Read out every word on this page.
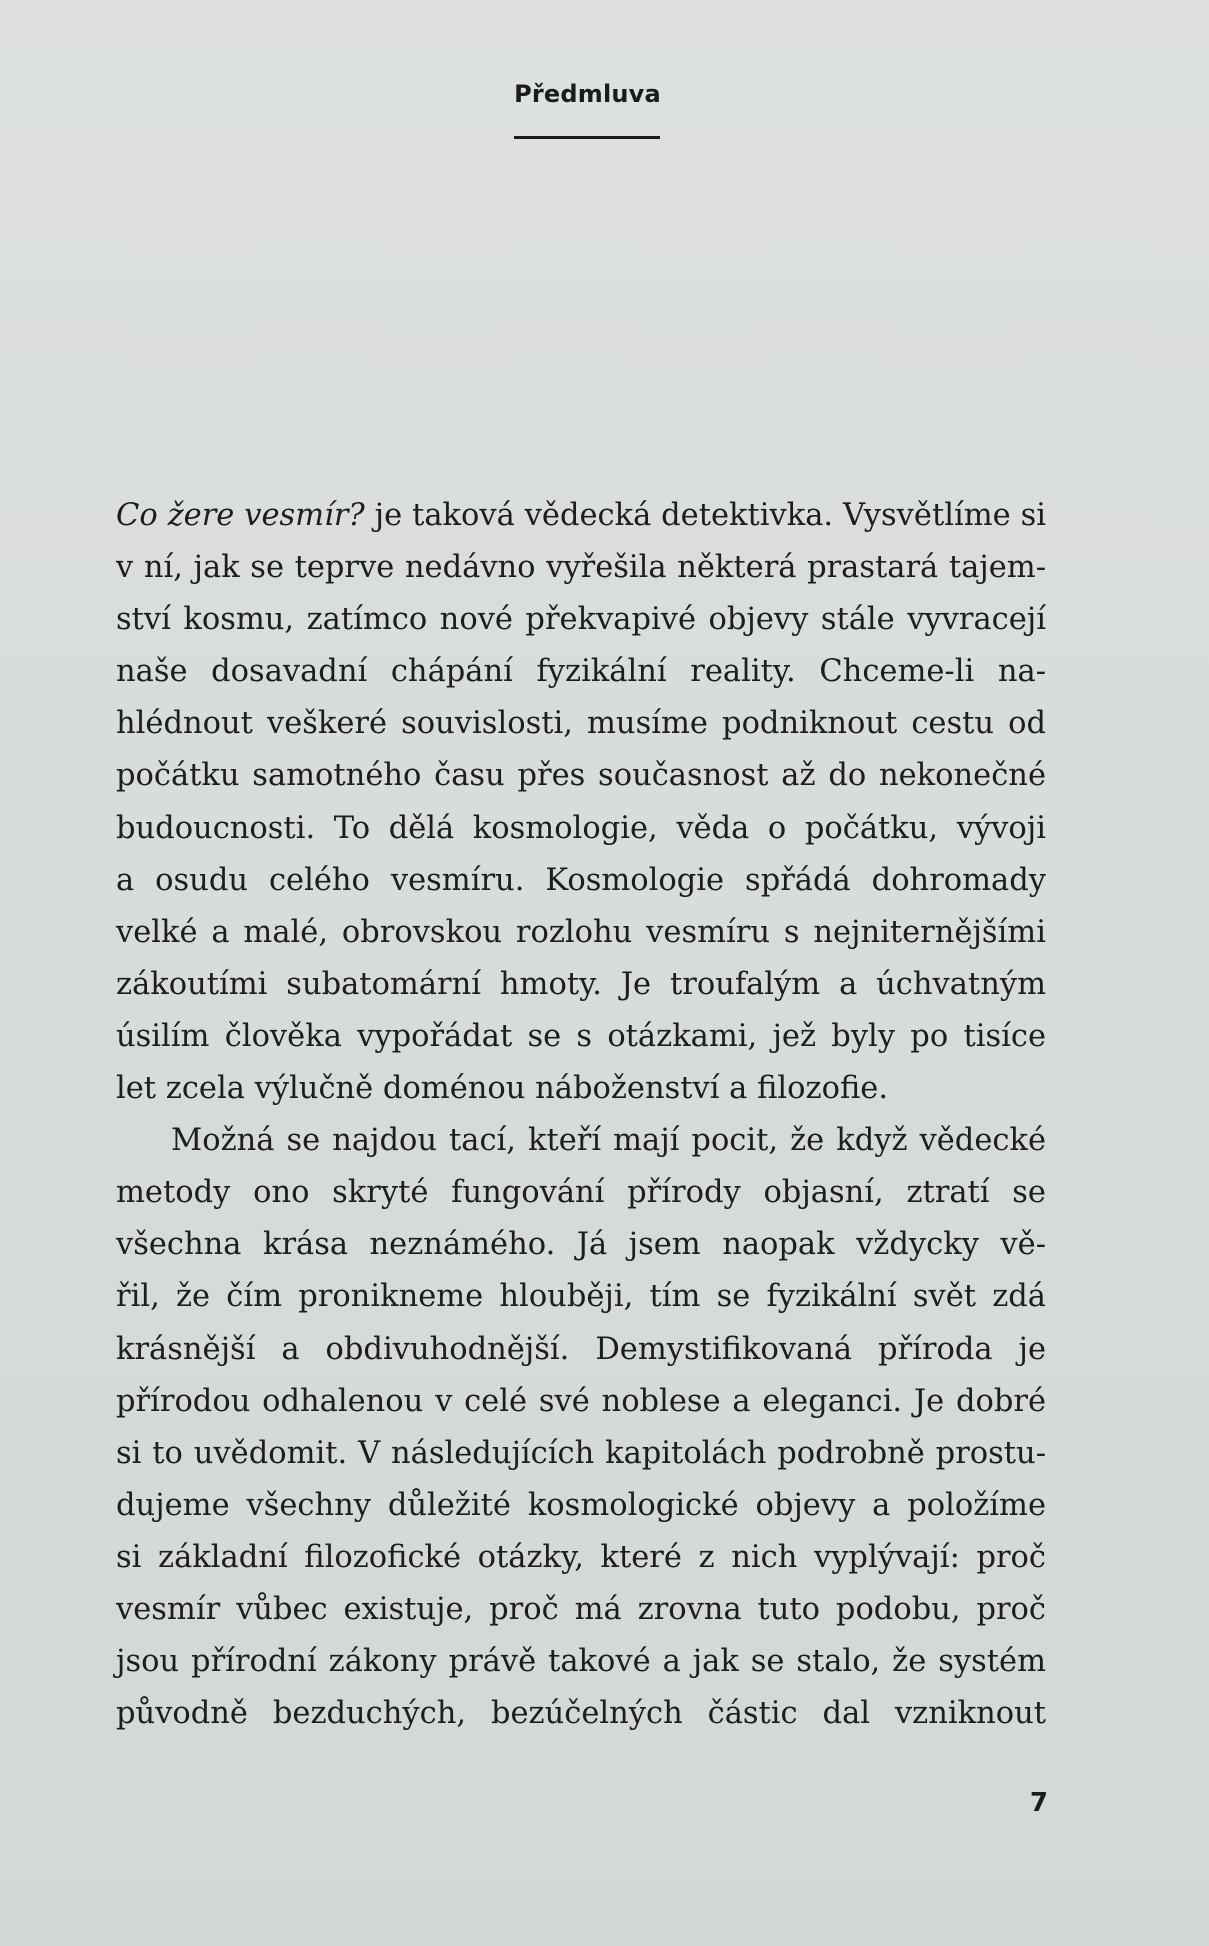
Předmluva
Co žere vesmír? je taková vědecká detektivka. Vysvětlíme si
v ní, jak se teprve nedávno vyřešila některá prastará tajem-
ství kosmu, zatímco nové překvapivé objevy stále vyvracejí
naše dosavadní chápání fyzikální reality. Chceme-li na-
hlédnout veškeré souvislosti, musíme podniknout cestu od
počátku samotného času přes současnost až do nekonečné
budoucnosti. To dělá kosmologie, věda o počátku, vývoji
a osudu celého vesmíru. Kosmologie spřádá dohromady
velké a malé, obrovskou rozlohu vesmíru s nejniternějšími
zákoutími subatomární hmoty. Je troufalým a úchvatným
úsilím člověka vypořádat se s otázkami, jež byly po tisíce
let zcela výlučně doménou náboženství a filozofie.
Možná se najdou tací, kteří mají pocit, že když vědecké
metody ono skryté fungování přírody objasní, ztratí se
všechna krása neznámého. Já jsem naopak vždycky vě-
řil, že čím pronikneme hlouběji, tím se fyzikální svět zdá
krásnější a obdivuhodnější. Demystifikovaná příroda je
přírodou odhalenou v celé své noblese a eleganci. Je dobré
si to uvědomit. V následujících kapitolách podrobně prostu-
dujeme všechny důležité kosmologické objevy a položíme
si základní filozofické otázky, které z nich vyplývají: proč
vesmír vůbec existuje, proč má zrovna tuto podobu, proč
jsou přírodní zákony právě takové a jak se stalo, že systém
původně bezduchých, bezúčelných částic dal vzniknout
7
